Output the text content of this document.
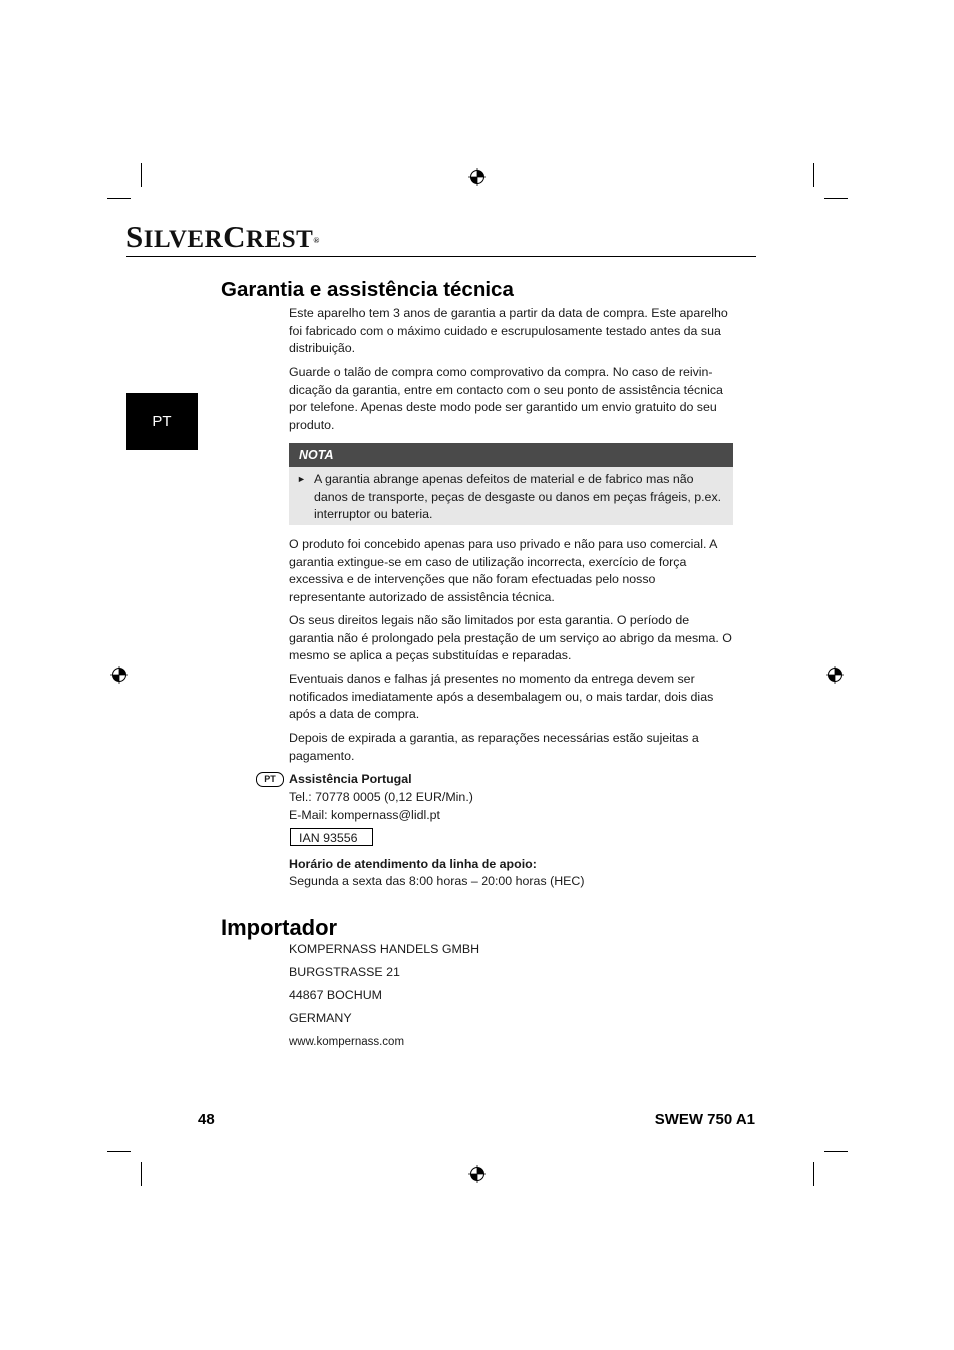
SILVERCREST®
PT
Garantia e assistência técnica

Este aparelho tem 3 anos de garantia a partir da data de compra. Este aparelho foi fabricado com o máximo cuidado e escrupulosamente testado antes da sua distribuição.

Guarde o talão de compra como comprovativo da compra. No caso de reivin-dicação da garantia, entre em contacto com o seu ponto de assistência técnica por telefone. Apenas deste modo pode ser garantido um envio gratuito do seu produto.

NOTA
► A garantia abrange apenas defeitos de material e de fabrico mas não danos de transporte, peças de desgaste ou danos em peças frágeis, p.ex. interruptor ou bateria.

O produto foi concebido apenas para uso privado e não para uso comercial. A garantia extingue-se em caso de utilização incorrecta, exercício de força excessiva e de intervenções que não foram efectuadas pelo nosso representante autorizado de assistência técnica.

Os seus direitos legais não são limitados por esta garantia. O período de garantia não é prolongado pela prestação de um serviço ao abrigo da mesma. O mesmo se aplica a peças substituídas e reparadas.

Eventuais danos e falhas já presentes no momento da entrega devem ser notificados imediatamente após a desembalagem ou, o mais tardar, dois dias após a data de compra.

Depois de expirada a garantia, as reparações necessárias estão sujeitas a pagamento.

PT	Assistência Portugal

Tel.: 70778 0005 (0,12 EUR/Min.)

E-Mail: kompernass@lidl.pt

IAN 93556

Horário de atendimento da linha de apoio:

Segunda a sexta das 8:00 horas – 20:00 horas (HEC)

Importador

KOMPERNASS HANDELS GMBH

BURGSTRASSE 21

44867 BOCHUM

GERMANY

www.kompernass.com

48	SWEW 750 A1
